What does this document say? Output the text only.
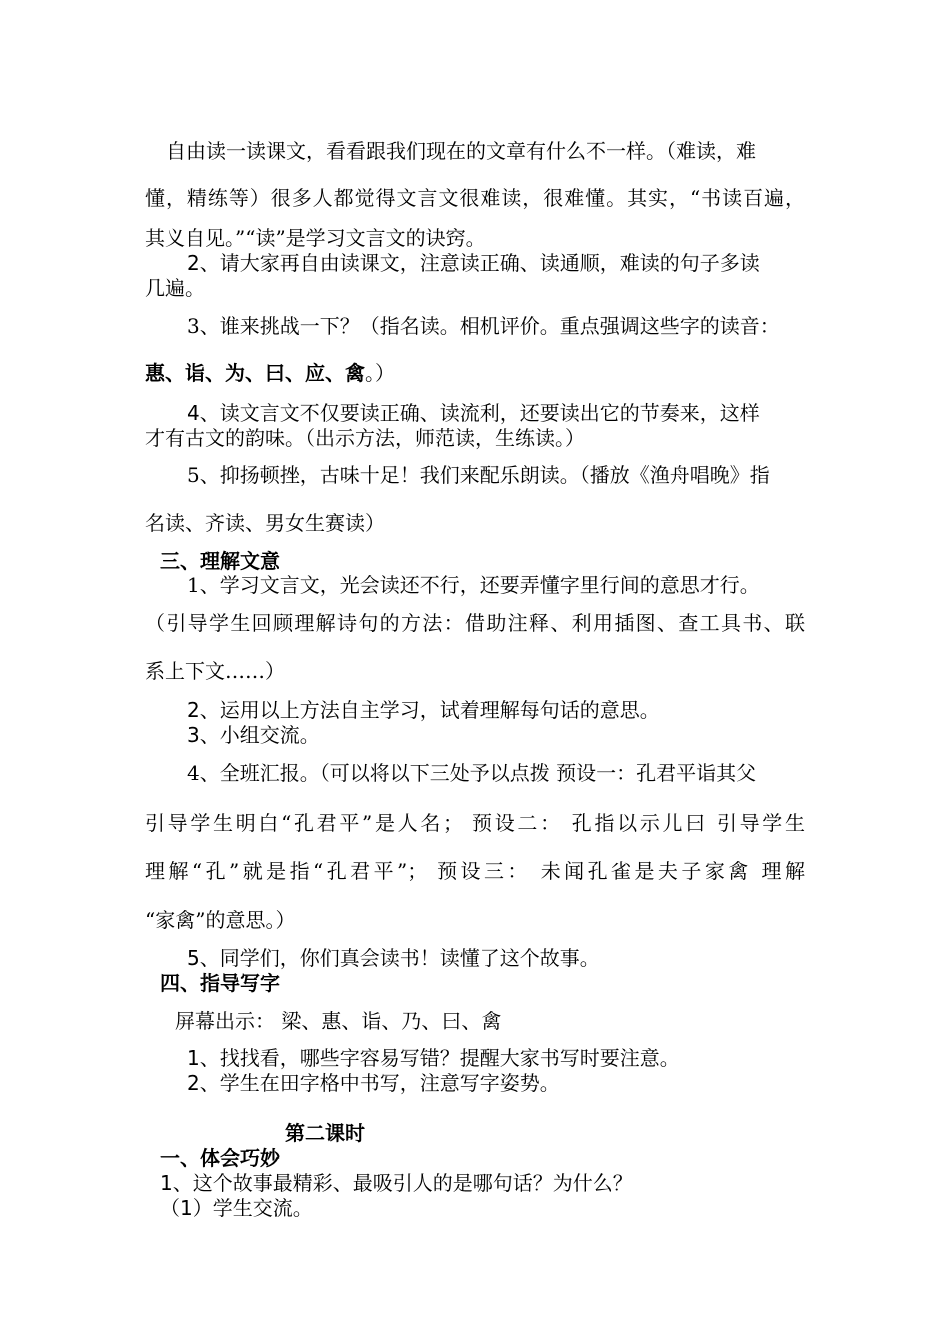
自由读一读课文，看看跟我们现在的文章有什么不一样。（难读，难
懂，精练等）很多人都觉得文言文很难读，很难懂。其实，“书读百遍，
其义自见。”“读”是学习文言文的诀窍。
2、请大家再自由读课文，注意读正确、读通顺，难读的句子多读
几遍。
3、谁来挑战一下？（指名读。相机评价。重点强调这些字的读音：
惠、诣、为、曰、应、禽。）
4、读文言文不仅要读正确、读流利，还要读出它的节奏来，这样
才有古文的韵味。（出示方法，师范读，生练读。）
5、抑扬顿挫，古味十足！我们来配乐朗读。（播放《渔舟唱晚》指
名读、齐读、男女生赛读）
三、理解文意
1、学习文言文，光会读还不行，还要弄懂字里行间的意思才行。
（引导学生回顾理解诗句的方法：借助注释、利用插图、查工具书、联
系上下文……）
2、运用以上方法自主学习，试着理解每句话的意思。
3、小组交流。
4、全班汇报。（可以将以下三处予以点拨 预设一：孔君平诣其父
引导学生明白“孔君平”是人名； 预设二： 孔指以示儿曰 引导学生
理解“孔”就是指“孔君平”； 预设三： 未闻孔雀是夫子家禽 理解
“家禽”的意思。）
5、同学们，你们真会读书！读懂了这个故事。
四、指导写字
屏幕出示： 梁、惠、诣、乃、曰、禽
1、找找看，哪些字容易写错？提醒大家书写时要注意。
2、学生在田字格中书写，注意写字姿势。
第二课时
一、体会巧妙
1、这个故事最精彩、最吸引人的是哪句话？为什么？
（1）学生交流。
